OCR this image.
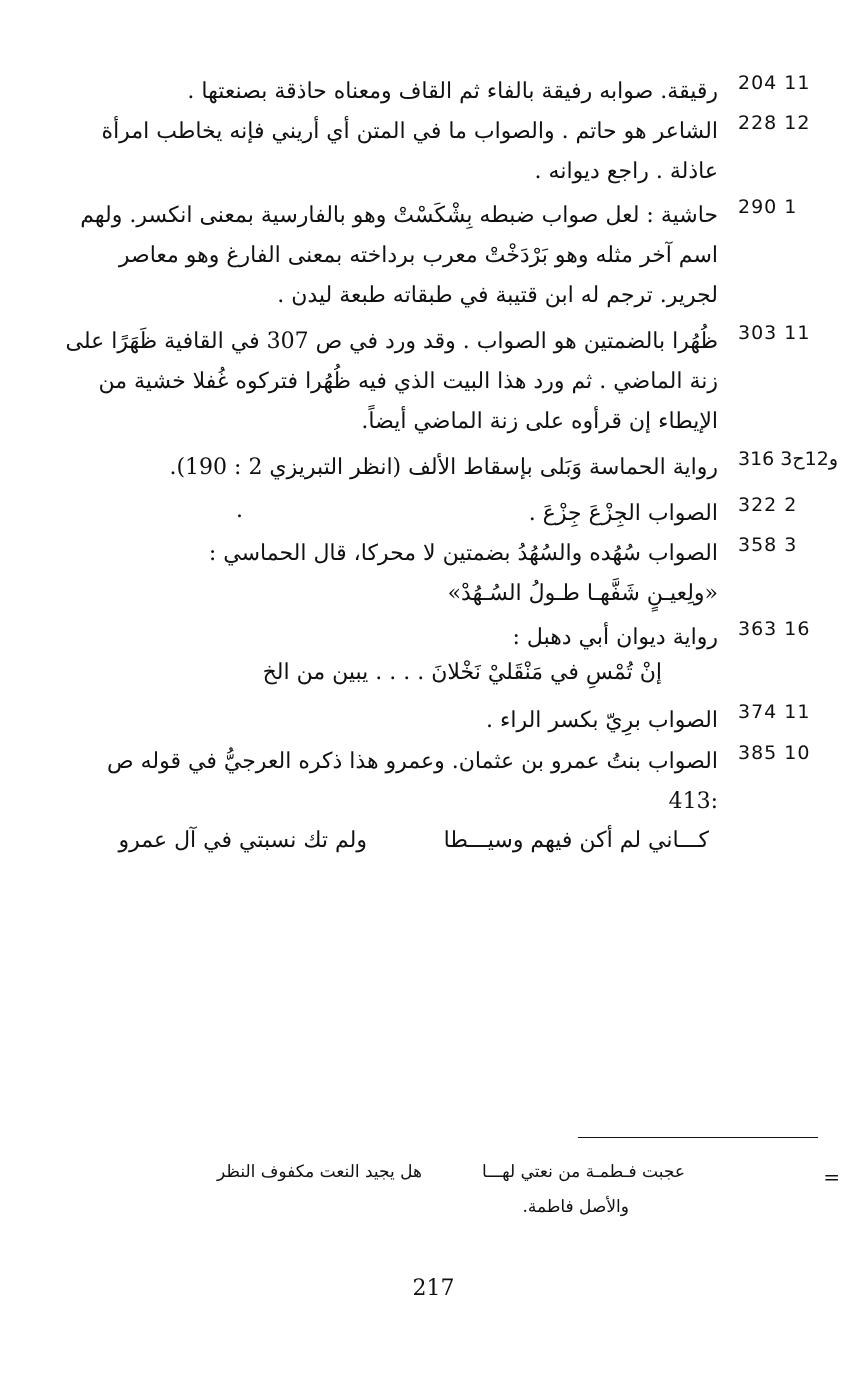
204 11
رقيقة. صوابه رفيقة بالفاء ثم القاف ومعناه حاذقة بصنعتها .
228 12
الشاعر هو حاتم . والصواب ما في المتن أي أريني فإنه يخاطب امرأة
عاذلة . راجع ديوانه .
290 1
حاشية : لعل صواب ضبطه بِشْكَسْتْ وهو بالفارسية بمعنى انكسر. ولهم
اسم آخر مثله وهو بَرْدَخْتْ معرب برداخته بمعنى الفارغ وهو معاصر
لجرير. ترجم له ابن قتيبة في طبقاته طبعة ليدن .
303 11
ظُهُرا بالضمتين هو الصواب . وقد ورد في ص 307 في القافية ظَهَرًا على
زنة الماضي . ثم ورد هذا البيت الذي فيه ظُهُرا فتركوه غُفلا خشية من
الإيطاء إن قرأوه على زنة الماضي أيضاً.
316 3و12ح
رواية الحماسة وَبَلى بإسقاط الألف (انظر التبريزي 2 : 190).
322 2
الصواب الجِزْعَ جِزْعَ .
.
358 3
الصواب سُهُده والسُهُدُ بضمتين لا محركا، قال الحماسي :
«ولِعيـنٍ شَفَّهـا طـولُ السُـهُدْ»
363 16
رواية ديوان أبي دهبل :
إنْ تُمْسِ في مَنْقَليْ نَخْلانَ . . . . يبين من الخ
374 11
الصواب برِيّ بكسر الراء .
385 10
الصواب بنتُ عمرو بن عثمان. وعمرو هذا ذكره العرجيُّ في قوله ص
:413
كـــاني لم أكن فيهم وسيـــطا
ولم تك نسبتي في آل عمرو
=
عجبت فـطمـة من نعتي لهـــا
هل يجيد النعت مكفوف النظر
والأصل فاطمة.
217
